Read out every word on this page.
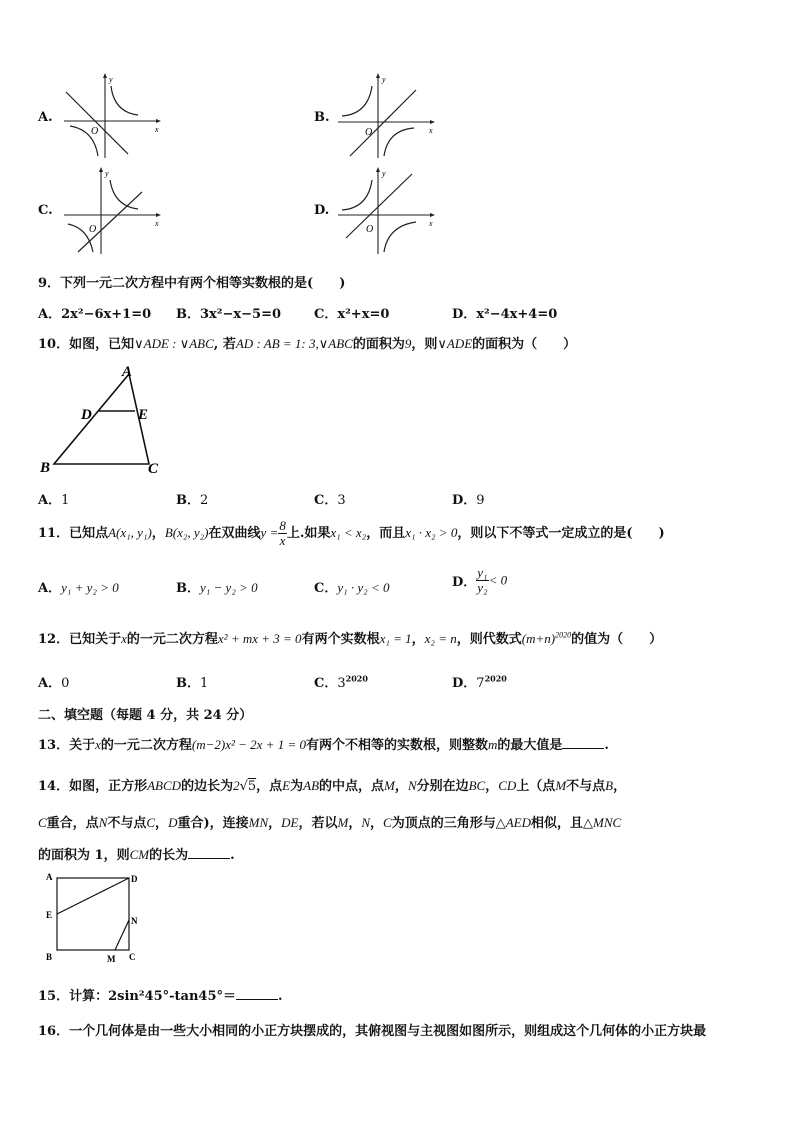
A.
y
x
O
B.
y
x
O
C.
y
x
O
D.
y
x
O
9．下列一元二次方程中有两个相等实数根的是(　　)
A．2x²−6x+1=0 B．3x²−x−5=0	C．x²+x=0	D．x²−4x+4=0
10．如图，已知∨ADE : ∨ABC, 若AD : AB = 1: 3,∨ABC的面积为9，则∨ADE的面积为（　　）
A
D	E
B	C
A．1	B．2	C．3	D．9
11．已知点A(x₁, y₁)，B(x₂, y₂)在双曲线$y = \frac{8}{x}$ 上.如果x₁ < x₂，而且x₁ · x₂ > 0，则以下不等式一定成立的是(　　)
A．y₁ + y₂ > 0	B．y₁ − y₂ > 0	C．y₁ · y₂ < 0	D． $\frac{\text{y₁}}{\text{y₂}} < 0$
12．已知关于x的一元二次方程x² + mx + 3 = 0有两个实数根x₁ = 1，x₂ = n，则代数式$(m+n)^{2020}$的值为（　　）
A．0	B．1	C．$3^{2020}$	D．$7^{2020}$
二、填空题（每题 4 分，共 24 分）
13．关于x的一元二次方程(m−2)x² − 2x + 1 = 0有两个不相等的实数根，则整数m的最大值是	.
14．如图，正方形ABCD的边长为2√5，点E为AB的中点，点M，N分别在边BC，CD上（点M不与点B，
C重合，点N不与点C，D重合)，连接MN，DE，若以M，N，C为顶点的三角形与△AED相似，且△MNC
的面积为 1，则CM的长为	.
A	D
E
N
B	M C
15．计算：2sin²45°-tan45°＝	.
16．一个几何体是由一些大小相同的小正方块摆成的，其俯视图与主视图如图所示，则组成这个几何体的小正方块最
